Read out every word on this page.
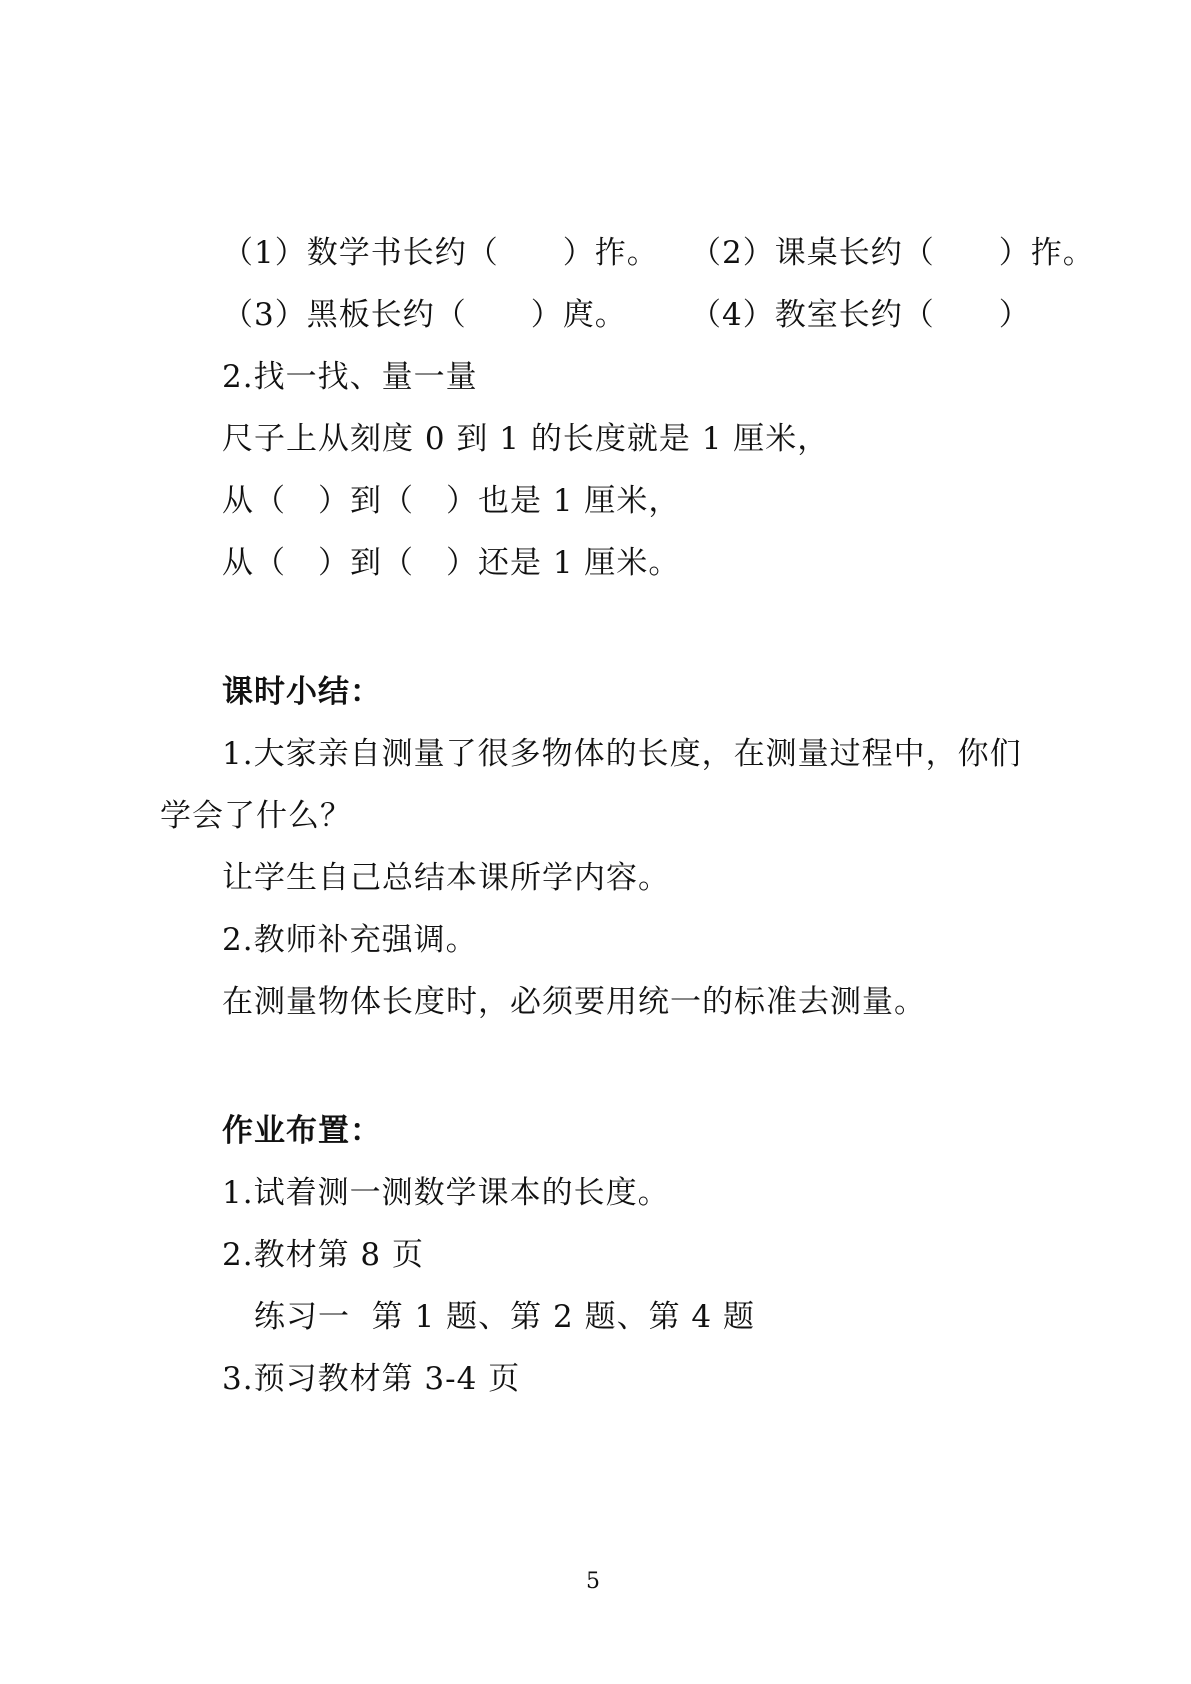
（1）数学书长约（　　）拃。 （2）课桌长约（　　）拃。
（3）黑板长约（　　）庹。 （4）教室长约（　　）
2.找一找、量一量
尺子上从刻度 0 到 1 的长度就是 1 厘米，
从（　）到（　）也是 1 厘米，
从（　）到（　）还是 1 厘米。
课时小结：
1.大家亲自测量了很多物体的长度，在测量过程中，你们
学会了什么？
让学生自己总结本课所学内容。
2.教师补充强调。
在测量物体长度时，必须要用统一的标准去测量。
作业布置：
1.试着测一测数学课本的长度。
2.教材第 8 页
练习一  第 1 题、第 2 题、第 4 题
3.预习教材第 3-4 页
5
